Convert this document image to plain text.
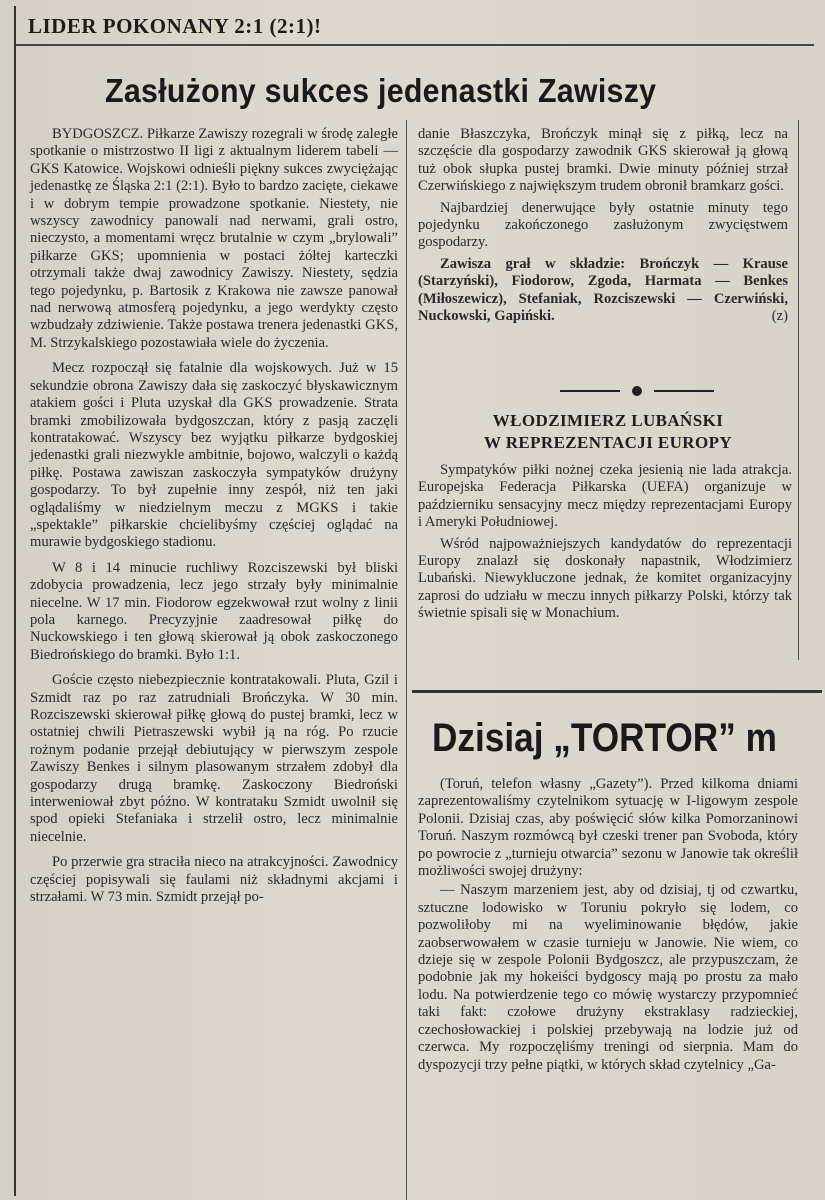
LIDER POKONANY 2:1 (2:1)!
Zasłużony sukces jedenastki Zawiszy

BYDGOSZCZ. Piłkarze Zawiszy rozegrali w środę zaległe spotkanie o mistrzostwo II ligi z aktualnym liderem tabeli — GKS Katowice. Wojskowi odnieśli piękny sukces zwyciężając jedenastkę ze Śląska 2:1 (2:1). Było to bardzo zacięte, ciekawe i w dobrym tempie prowadzone spotkanie. Niestety, nie wszyscy zawodnicy panowali nad nerwami, grali ostro, nieczysto, a momentami wręcz brutalnie w czym „brylowali” piłkarze GKS; upomnienia w postaci żółtej karteczki otrzymali także dwaj zawodnicy Zawiszy. Niestety, sędzia tego pojedynku, p. Bartosik z Krakowa nie zawsze panował nad nerwową atmosferą pojedynku, a jego werdykty często wzbudzały zdziwienie. Także postawa trenera jedenastki GKS, M. Strzykalskiego pozostawiała wiele do życzenia.

Mecz rozpoczął się fatalnie dla wojskowych. Już w 15 sekundzie obrona Zawiszy dała się zaskoczyć błyskawicznym atakiem gości i Pluta uzyskał dla GKS prowadzenie. Strata bramki zmobilizowała bydgoszczan, który z pasją zaczęli kontratakować. Wszyscy bez wyjątku piłkarze bydgoskiej jedenastki grali niezwykle ambitnie, bojowo, walczyli o każdą piłkę. Postawa zawiszan zaskoczyła sympatyków drużyny gospodarzy. To był zupełnie inny zespół, niż ten jaki oglądaliśmy w niedzielnym meczu z MGKS i takie „spektakle” piłkarskie chcielibyśmy częściej oglądać na murawie bydgoskiego stadionu.

W 8 i 14 minucie ruchliwy Rozciszewski był bliski zdobycia prowadzenia, lecz jego strzały były minimalnie niecelne. W 17 min. Fiodorow egzekwował rzut wolny z linii pola karnego. Precyzyjnie zaadresował piłkę do Nuckowskiego i ten głową skierował ją obok zaskoczonego Biedrońskiego do bramki. Było 1:1.

Goście często niebezpiecznie kontratakowali. Pluta, Gzil i Szmidt raz po raz zatrudniali Brończyka. W 30 min. Rozciszewski skierował piłkę głową do pustej bramki, lecz w ostatniej chwili Pietraszewski wybił ją na róg. Po rzucie rożnym podanie przejął debiutujący w pierwszym zespole Zawiszy Benkes i silnym plasowanym strzałem zdobył dla gospodarzy drugą bramkę. Zaskoczony Biedroński interweniował zbyt późno. W kontrataku Szmidt uwolnił się spod opieki Stefaniaka i strzelił ostro, lecz minimalnie niecelnie.

Po przerwie gra straciła nieco na atrakcyjności. Zawodnicy częściej popisywali się faulami niż składnymi akcjami i strzałami. W 73 min. Szmidt przejął po-

danie Błaszczyka, Brończyk minął się z piłką, lecz na szczęście dla gospodarzy zawodnik GKS skierował ją głową tuż obok słupka pustej bramki. Dwie minuty później strzał Czerwińskiego z największym trudem obronił bramkarz gości.

Najbardziej denerwujące były ostatnie minuty tego pojedynku zakończonego zasłużonym zwycięstwem gospodarzy.

Zawisza grał w składzie: Brończyk — Krause (Starzyński), Fiodorow, Zgoda, Harmata — Benkes (Miłoszewicz), Stefaniak, Rozciszewski — Czerwiński, Nuckowski, Gapiński.	(z)

WŁODZIMIERZ LUBAŃSKI
W REPREZENTACJI EUROPY

Sympatyków piłki nożnej czeka jesienią nie lada atrakcja. Europejska Federacja Piłkarska (UEFA) organizuje w październiku sensacyjny mecz między reprezentacjami Europy i Ameryki Południowej.

Wśród najpoważniejszych kandydatów do reprezentacji Europy znalazł się doskonały napastnik, Włodzimierz Lubański. Niewykluczone jednak, że komitet organizacyjny zaprosi do udziału w meczu innych piłkarzy Polski, którzy tak świetnie spisali się w Monachium.

Dzisiaj „TORTOR” m

(Toruń, telefon własny „Gazety”). Przed kilkoma dniami zaprezentowaliśmy czytelnikom sytuację w I-ligowym zespole Polonii. Dzisiaj czas, aby poświęcić słów kilka Pomorzaninowi Toruń. Naszym rozmówcą był czeski trener pan Svoboda, który po powrocie z „turnieju otwarcia” sezonu w Janowie tak określił możliwości swojej drużyny:

— Naszym marzeniem jest, aby od dzisiaj, tj od czwartku, sztuczne lodowisko w Toruniu pokryło się lodem, co pozwoliłoby mi na wyeliminowanie błędów, jakie zaobserwowałem w czasie turnieju w Janowie. Nie wiem, co dzieje się w zespole Polonii Bydgoszcz, ale przypuszczam, że podobnie jak my hokeiści bydgoscy mają po prostu za mało lodu. Na potwierdzenie tego co mówię wystarczy przypomnieć taki fakt: czołowe drużyny ekstraklasy radzieckiej, czechosłowackiej i polskiej przebywają na lodzie już od czerwca. My rozpoczęliśmy treningi od sierpnia. Mam do dyspozycji trzy pełne piątki, w których skład czytelnicy „Ga-
